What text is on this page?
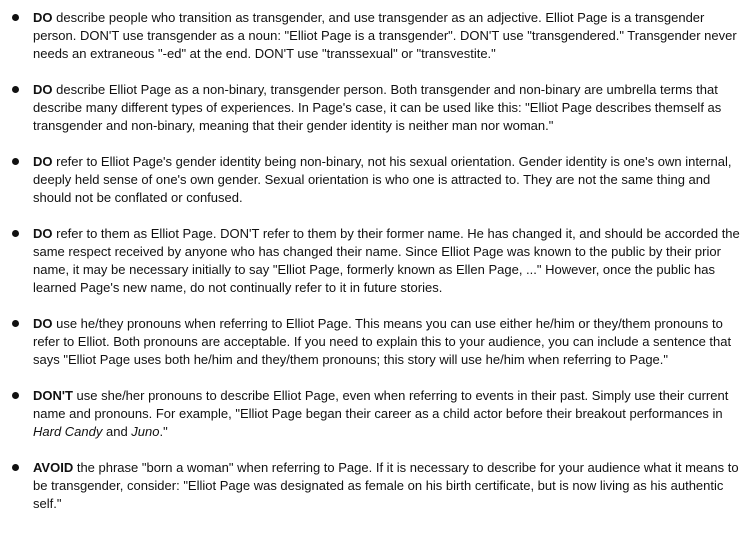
DO describe people who transition as transgender, and use transgender as an adjective. Elliot Page is a transgender person. DON'T use transgender as a noun: "Elliot Page is a transgender". DON'T use "transgendered." Transgender never needs an extraneous "-ed" at the end. DON'T use "transsexual" or "transvestite."
DO describe Elliot Page as a non-binary, transgender person. Both transgender and non-binary are umbrella terms that describe many different types of experiences. In Page's case, it can be used like this: "Elliot Page describes themself as transgender and non-binary, meaning that their gender identity is neither man nor woman."
DO refer to Elliot Page's gender identity being non-binary, not his sexual orientation. Gender identity is one's own internal, deeply held sense of one's own gender. Sexual orientation is who one is attracted to. They are not the same thing and should not be conflated or confused.
DO refer to them as Elliot Page. DON'T refer to them by their former name. He has changed it, and should be accorded the same respect received by anyone who has changed their name. Since Elliot Page was known to the public by their prior name, it may be necessary initially to say "Elliot Page, formerly known as Ellen Page, ..." However, once the public has learned Page's new name, do not continually refer to it in future stories.
DO use he/they pronouns when referring to Elliot Page. This means you can use either he/him or they/them pronouns to refer to Elliot. Both pronouns are acceptable. If you need to explain this to your audience, you can include a sentence that says "Elliot Page uses both he/him and they/them pronouns; this story will use he/him when referring to Page."
DON'T use she/her pronouns to describe Elliot Page, even when referring to events in their past. Simply use their current name and pronouns. For example, "Elliot Page began their career as a child actor before their breakout performances in Hard Candy and Juno."
AVOID the phrase "born a woman" when referring to Page. If it is necessary to describe for your audience what it means to be transgender, consider: "Elliot Page was designated as female on his birth certificate, but is now living as his authentic self."
